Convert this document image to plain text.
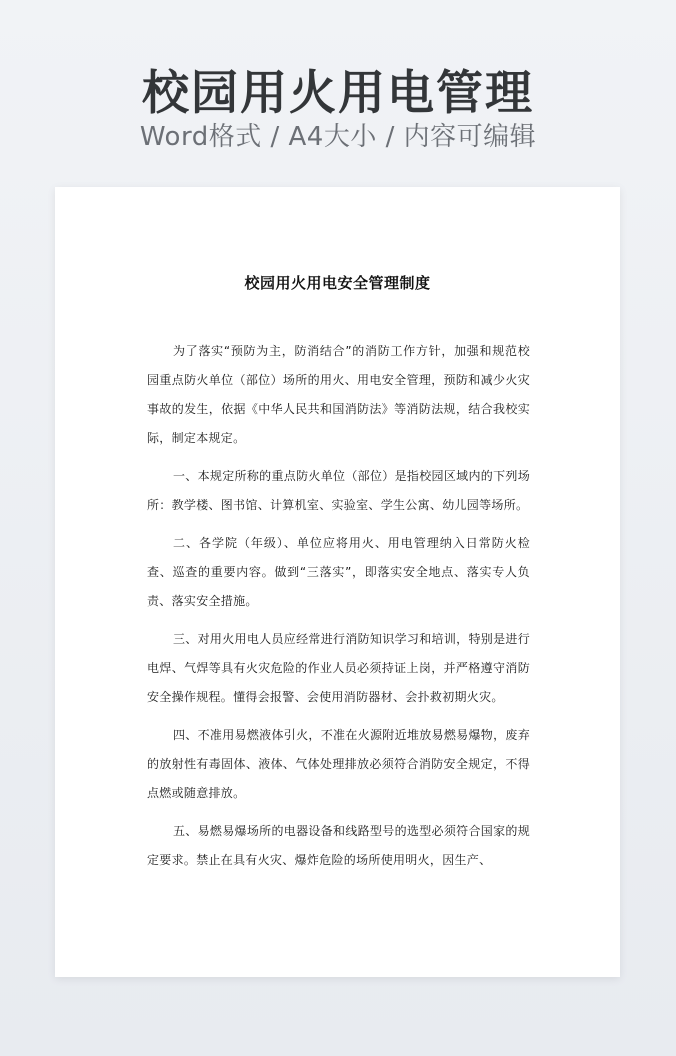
校园用火用电管理
Word格式 / A4大小 / 内容可编辑
校园用火用电安全管理制度

为了落实“预防为主，防消结合”的消防工作方针，加强和规范校园重点防火单位（部位）场所的用火、用电安全管理，预防和减少火灾事故的发生，依据《中华人民共和国消防法》等消防法规，结合我校实际，制定本规定。

一、本规定所称的重点防火单位（部位）是指校园区域内的下列场所：教学楼、图书馆、计算机室、实验室、学生公寓、幼儿园等场所。

二、各学院（年级）、单位应将用火、用电管理纳入日常防火检查、巡查的重要内容。做到“三落实”，即落实安全地点、落实专人负责、落实安全措施。

三、对用火用电人员应经常进行消防知识学习和培训，特别是进行电焊、气焊等具有火灾危险的作业人员必须持证上岗，并严格遵守消防安全操作规程。懂得会报警、会使用消防器材、会扑救初期火灾。

四、不准用易燃液体引火，不准在火源附近堆放易燃易爆物，废弃的放射性有毒固体、液体、气体处理排放必须符合消防安全规定，不得点燃或随意排放。

五、易燃易爆场所的电器设备和线路型号的选型必须符合国家的规定要求。禁止在具有火灾、爆炸危险的场所使用明火，因生产、
